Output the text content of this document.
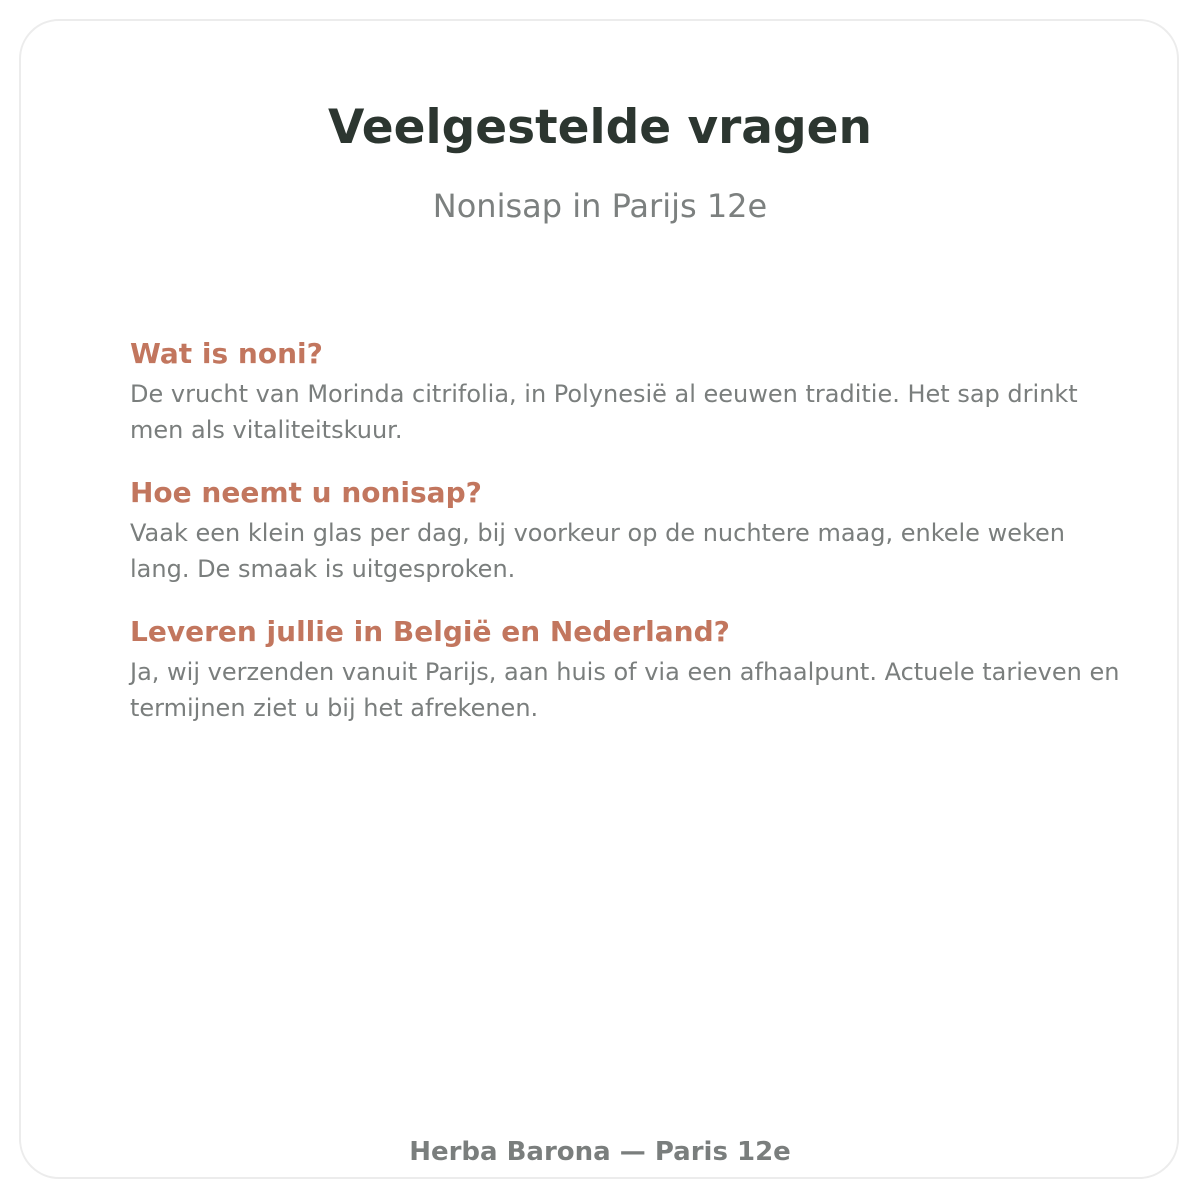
Veelgestelde vragen
Nonisap in Parijs 12e
Wat is noni?

De vrucht van Morinda citrifolia, in Polynesië al eeuwen traditie. Het sap drinkt men als vitaliteitskuur.

Hoe neemt u nonisap?

Vaak een klein glas per dag, bij voorkeur op de nuchtere maag, enkele weken lang. De smaak is uitgesproken.

Leveren jullie in België en Nederland?

Ja, wij verzenden vanuit Parijs, aan huis of via een afhaalpunt. Actuele tarieven en termijnen ziet u bij het afrekenen.

Herba Barona — Paris 12e
